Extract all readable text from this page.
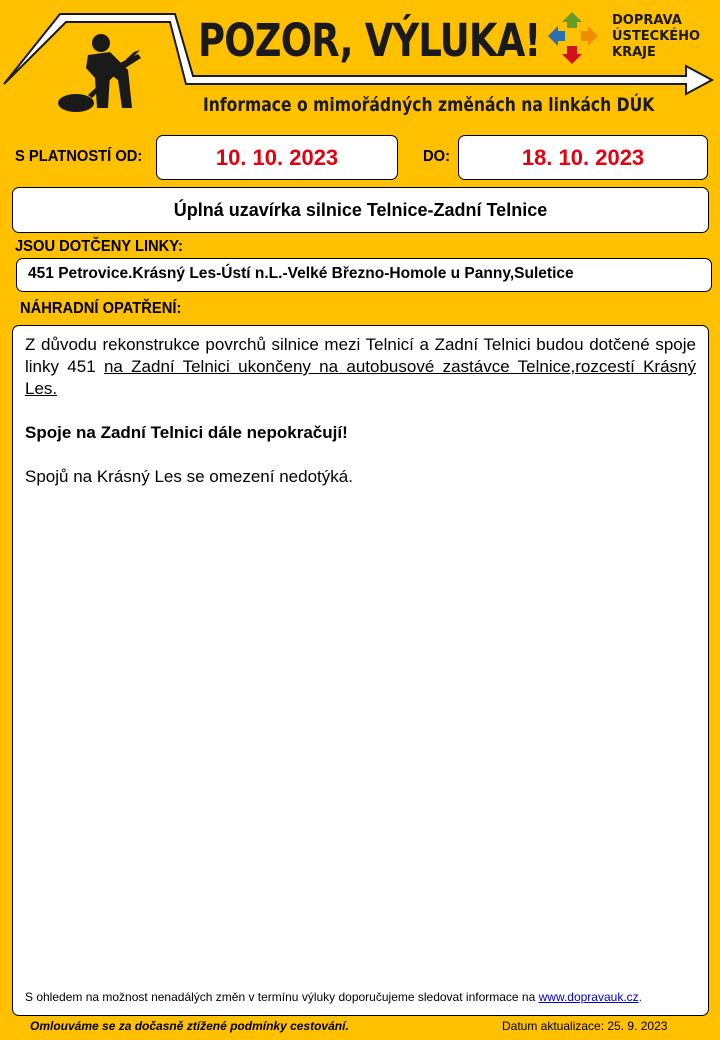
POZOR, VÝLUKA!
Informace o mimořádných změnách na linkách DÚK
DOPRAVA
ÚSTECKÉHO
KRAJE
S PLATNOSTÍ OD:	10. 10. 2023	DO:	18. 10. 2023
Úplná uzavírka silnice Telnice-Zadní Telnice
JSOU DOTČENY LINKY:
451 Petrovice.Krásný Les-Ústí n.L.-Velké Březno-Homole u Panny,Suletice
NÁHRADNÍ OPATŘENÍ:

Z důvodu rekonstrukce povrchů silnice mezi Telnicí a Zadní Telnici budou dotčené spoje linky 451 na Zadní Telnici ukončeny na autobusové zastávce Telnice,rozcestí Krásný Les.

Spoje na Zadní Telnici dále nepokračují!

Spojů na Krásný Les se omezení nedotýká.

S ohledem na možnost nenadálých změn v termínu výluky doporučujeme sledovat informace na www.dopravauk.cz.
Omlouváme se za dočasně ztížené podmínky cestování.	Datum aktualizace: 25. 9. 2023
